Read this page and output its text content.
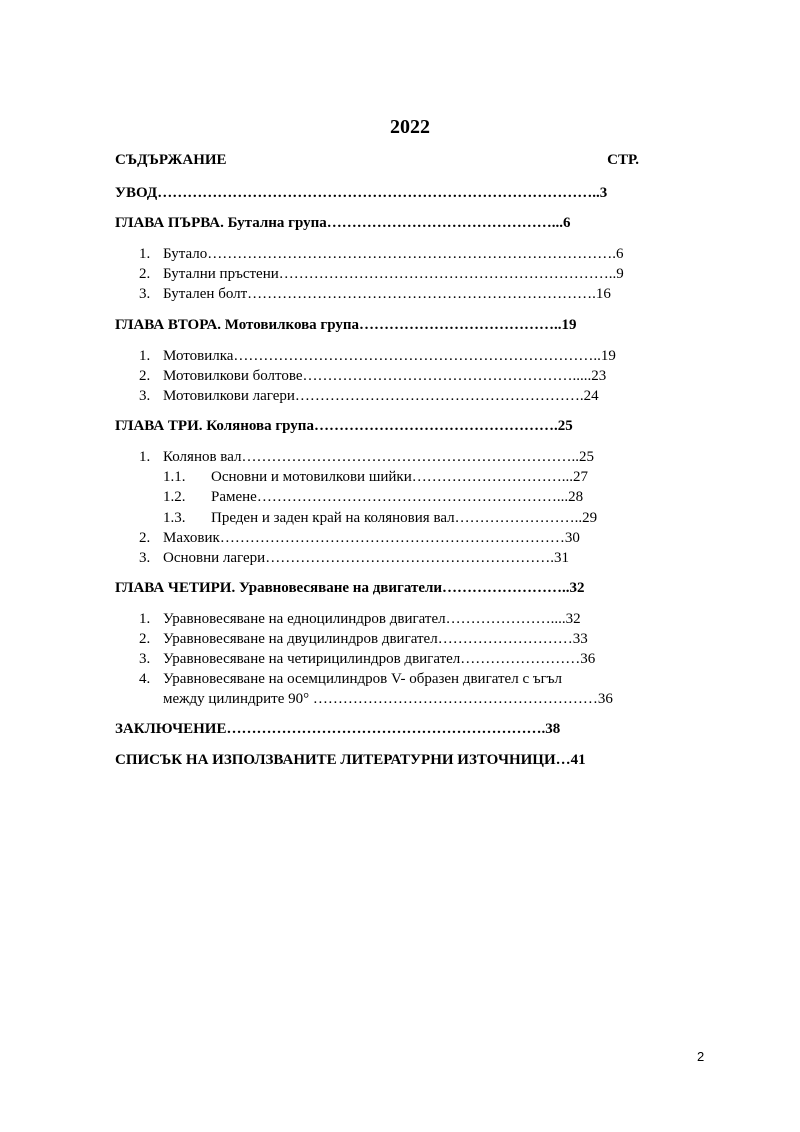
2022
СЪДЪРЖАНИЕ	СТР.
УВОД……………………………………………………………………………..3
ГЛАВА ПЪРВА. Бутална група………………………………………...6
1. Бутало……………………………………………………………………….6
2. Бутални пръстени…………………………………………………………..9
3. Бутален болт…………………………………………………………….16
ГЛАВА ВТОРА. Мотовилкова група…………………………………..19
1. Мотовилка………………………………………………………………..19
2. Мотовилкови болтове……………………………………………….....23
3. Мотовилкови лагери………………………………………………….24
ГЛАВА ТРИ. Колянова група………………………………………….25
1. Колянов вал…………………………………………………………..25
1.1. Основни и мотовилкови шийки…………………………...27
1.2. Рамене……………………………………………………...28
1.3. Преден и заден край на коляновия вал……………………..29
2. Маховик……………………………………………………………30
3. Основни лагери………………………………………………….31
ГЛАВА ЧЕТИРИ. Уравновесяване на двигатели……………………..32
1. Уравновесяване на едноцилиндров двигател…………………....32
2. Уравновесяване на двуцилиндров двигател………………………33
3. Уравновесяване на четирицилиндров двигател……………………36
4. Уравновесяване на осемцилиндров V- образен двигател с ъгъл
между цилиндрите 90° …………………………………………………36
ЗАКЛЮЧЕНИЕ……………………………………………………….38
СПИСЪК НА ИЗПОЛЗВАНИТЕ ЛИТЕРАТУРНИ ИЗТОЧНИЦИ…41
2
